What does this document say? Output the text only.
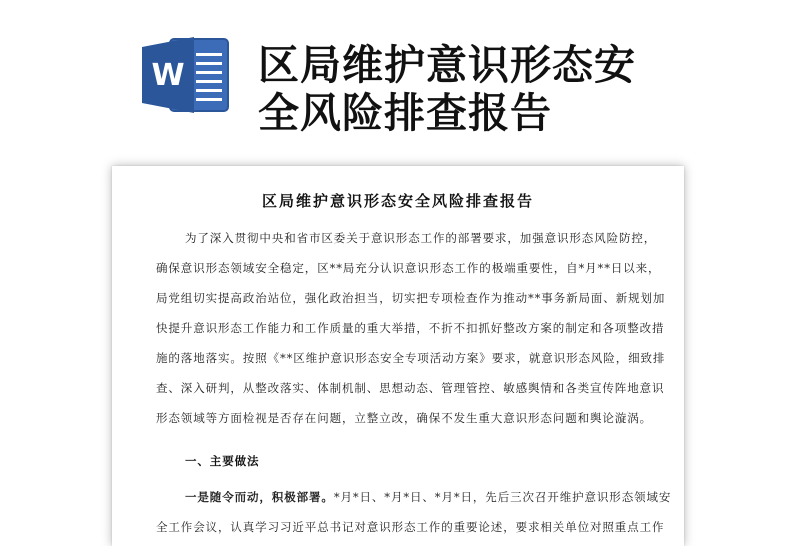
W 区局维护意识形态安
全风险排查报告
区局维护意识形态安全风险排查报告
为了深入贯彻中央和省市区委关于意识形态工作的部署要求，加强意识形态风险防控，
确保意识形态领域安全稳定，区**局充分认识意识形态工作的极端重要性，自*月**日以来，
局党组切实提高政治站位，强化政治担当，切实把专项检查作为推动**事务新局面、新规划加
快提升意识形态工作能力和工作质量的重大举措，不折不扣抓好整改方案的制定和各项整改措
施的落地落实。按照《**区维护意识形态安全专项活动方案》要求，就意识形态风险，细致排
查、深入研判，从整改落实、体制机制、思想动态、管理管控、敏感舆情和各类宣传阵地意识
形态领域等方面检视是否存在问题，立整立改，确保不发生重大意识形态问题和舆论漩涡。
一、主要做法
一是随令而动，积极部署。*月*日、*月*日、*月*日，先后三次召开维护意识形态领域安
全工作会议，认真学习习近平总书记对意识形态工作的重要论述，要求相关单位对照重点工作
